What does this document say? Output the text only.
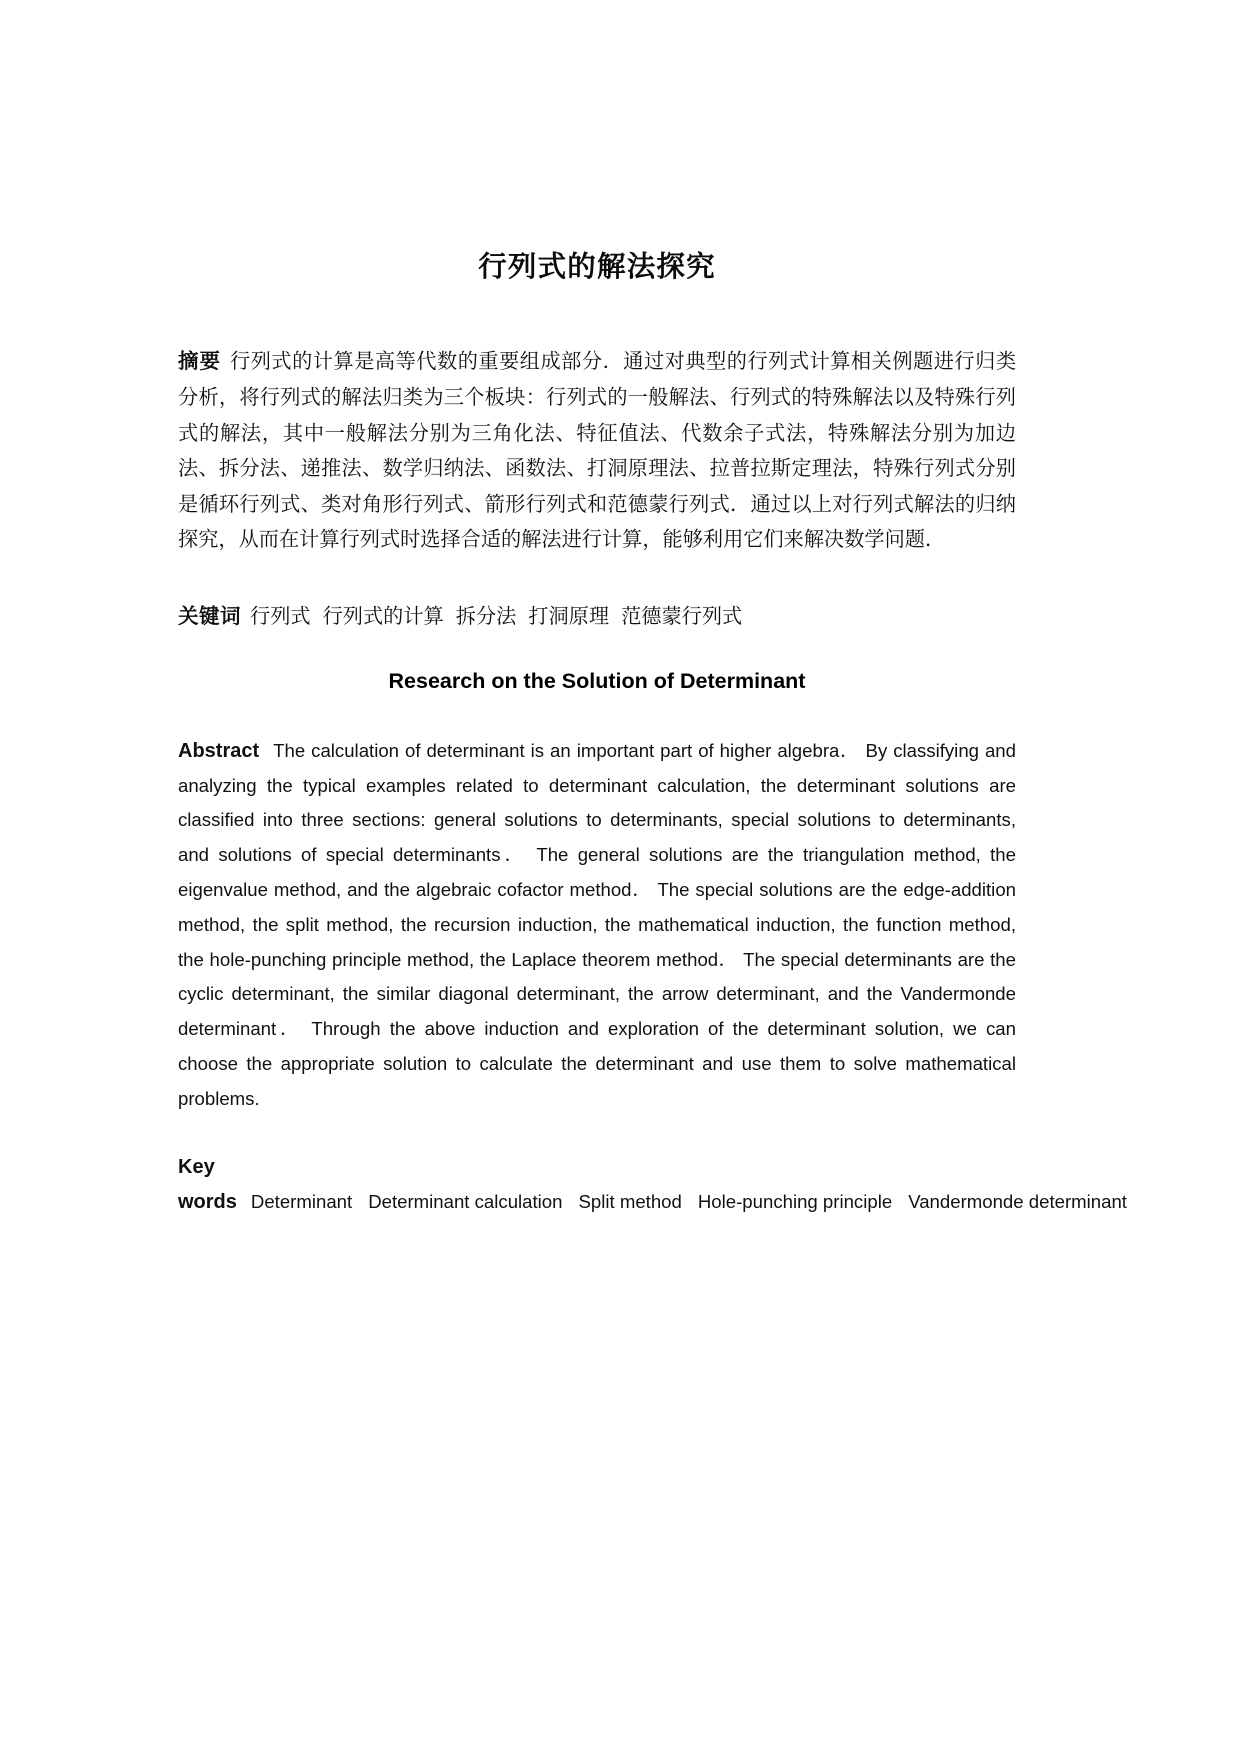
行列式的解法探究

摘要 行列式的计算是高等代数的重要组成部分．通过对典型的行列式计算相关例题进行归类分析，将行列式的解法归类为三个板块：行列式的一般解法、行列式的特殊解法以及特殊行列式的解法，其中一般解法分别为三角化法、特征值法、代数余子式法，特殊解法分别为加边法、拆分法、递推法、数学归纳法、函数法、打洞原理法、拉普拉斯定理法，特殊行列式分别是循环行列式、类对角形行列式、箭形行列式和范德蒙行列式．通过以上对行列式解法的归纳探究，从而在计算行列式时选择合适的解法进行计算，能够利用它们来解决数学问题．

关键词 行列式 行列式的计算 拆分法 打洞原理 范德蒙行列式

Research on the Solution of Determinant

Abstract The calculation of determinant is an important part of higher algebra． By classifying and analyzing the typical examples related to determinant calculation, the determinant solutions are classified into three sections: general solutions to determinants, special solutions to determinants, and solutions of special determinants． The general solutions are the triangulation method, the eigenvalue method, and the algebraic cofactor method． The special solutions are the edge-addition method, the split method, the recursion induction, the mathematical induction, the function method, the hole-punching principle method, the Laplace theorem method． The special determinants are the cyclic determinant, the similar diagonal determinant, the arrow determinant, and the Vandermonde determinant． Through the above induction and exploration of the determinant solution, we can choose the appropriate solution to calculate the determinant and use them to solve mathematical problems.

Key words Determinant Determinant calculation Split method Hole-punching principle Vandermonde determinant
